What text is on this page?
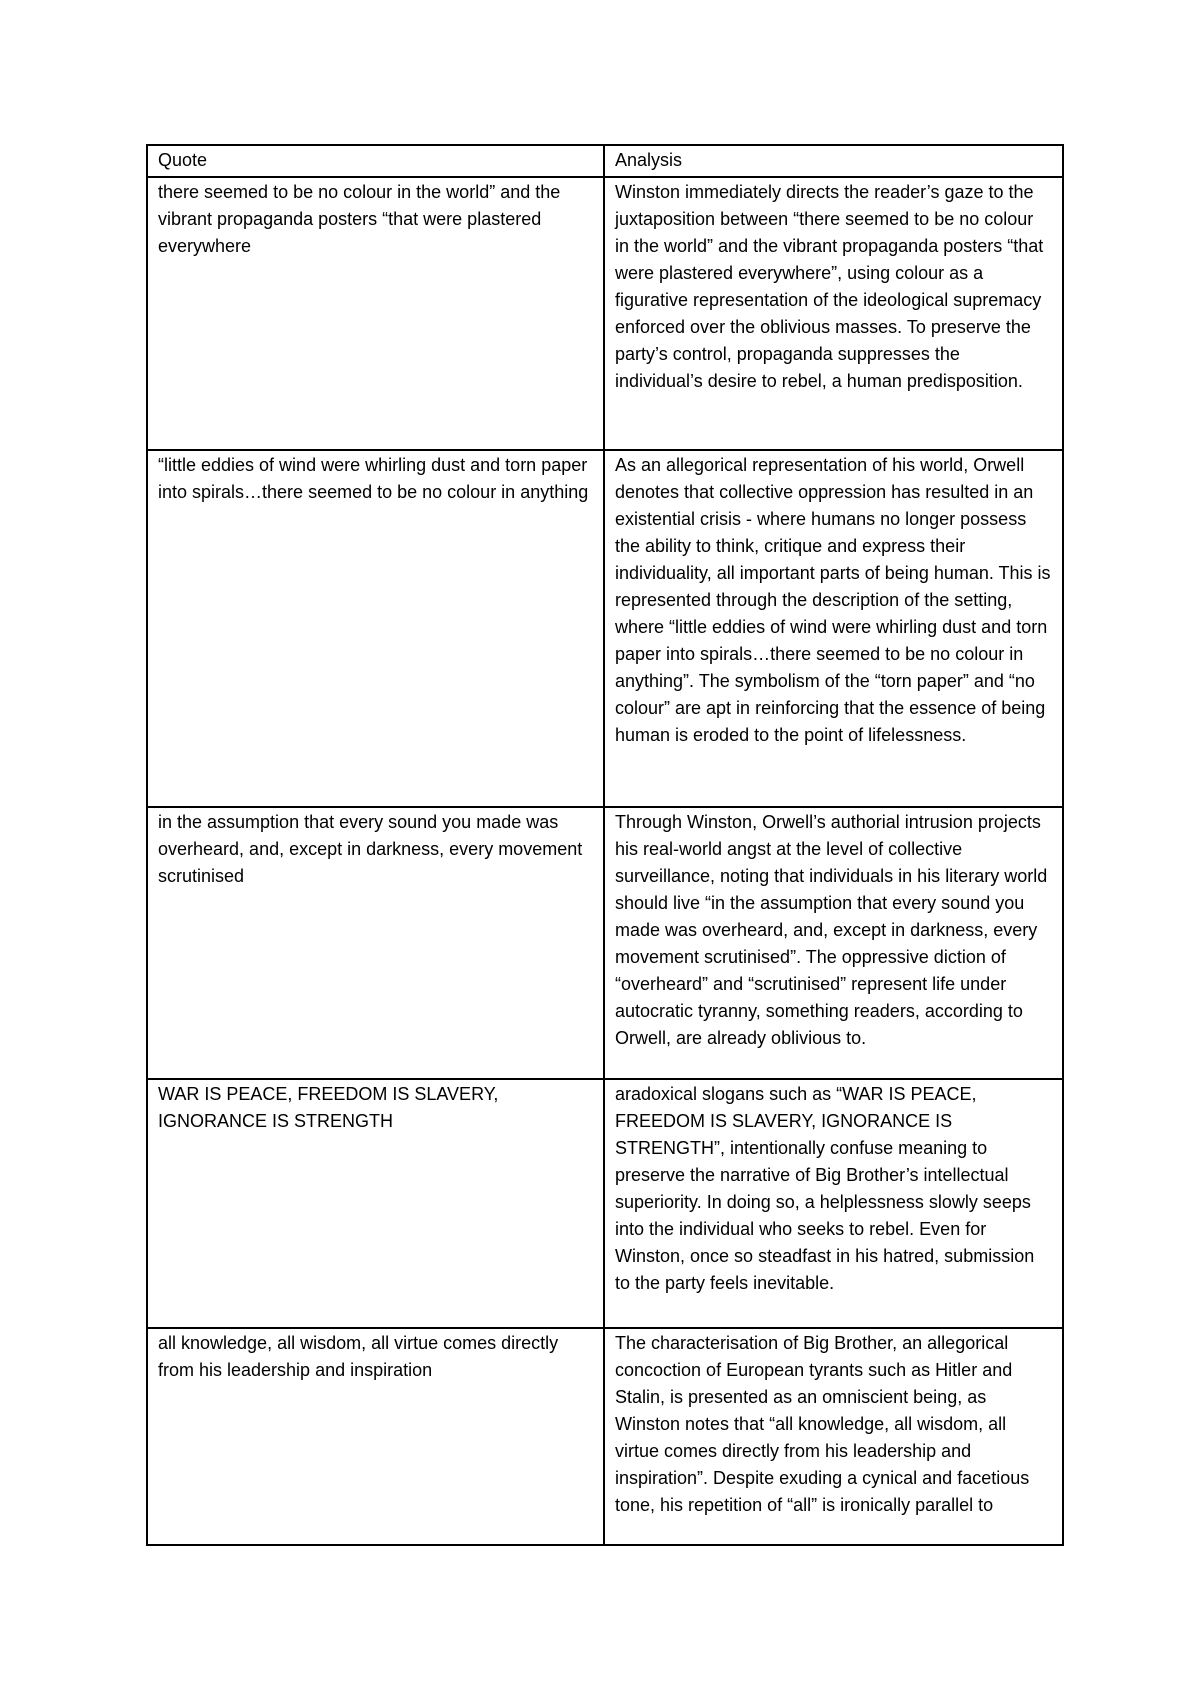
Quote	Analysis
there seemed to be no colour in the world” and the vibrant propaganda posters “that were plastered everywhere	Winston immediately directs the reader’s gaze to the juxtaposition between “there seemed to be no colour in the world” and the vibrant propaganda posters “that were plastered everywhere”, using colour as a figurative representation of the ideological supremacy enforced over the oblivious masses. To preserve the party’s control, propaganda suppresses the individual’s desire to rebel, a human predisposition.
“little eddies of wind were whirling dust and torn paper into spirals…there seemed to be no colour in anything	As an allegorical representation of his world, Orwell denotes that collective oppression has resulted in an existential crisis - where humans no longer possess the ability to think, critique and express their individuality, all important parts of being human. This is represented through the description of the setting, where “little eddies of wind were whirling dust and torn paper into spirals…there seemed to be no colour in anything”. The symbolism of the “torn paper” and “no colour” are apt in reinforcing that the essence of being human is eroded to the point of lifelessness.
in the assumption that every sound you made was overheard, and, except in darkness, every movement scrutinised	Through Winston, Orwell’s authorial intrusion projects his real-world angst at the level of collective surveillance, noting that individuals in his literary world should live “in the assumption that every sound you made was overheard, and, except in darkness, every movement scrutinised”. The oppressive diction of “overheard” and “scrutinised” represent life under autocratic tyranny, something readers, according to Orwell, are already oblivious to.
WAR IS PEACE, FREEDOM IS SLAVERY, IGNORANCE IS STRENGTH	aradoxical slogans such as “WAR IS PEACE, FREEDOM IS SLAVERY, IGNORANCE IS STRENGTH”, intentionally confuse meaning to preserve the narrative of Big Brother’s intellectual superiority. In doing so, a helplessness slowly seeps into the individual who seeks to rebel. Even for Winston, once so steadfast in his hatred, submission to the party feels inevitable.
all knowledge, all wisdom, all virtue comes directly from his leadership and inspiration	The characterisation of Big Brother, an allegorical concoction of European tyrants such as Hitler and Stalin, is presented as an omniscient being, as Winston notes that “all knowledge, all wisdom, all virtue comes directly from his leadership and inspiration”. Despite exuding a cynical and facetious tone, his repetition of “all” is ironically parallel to
